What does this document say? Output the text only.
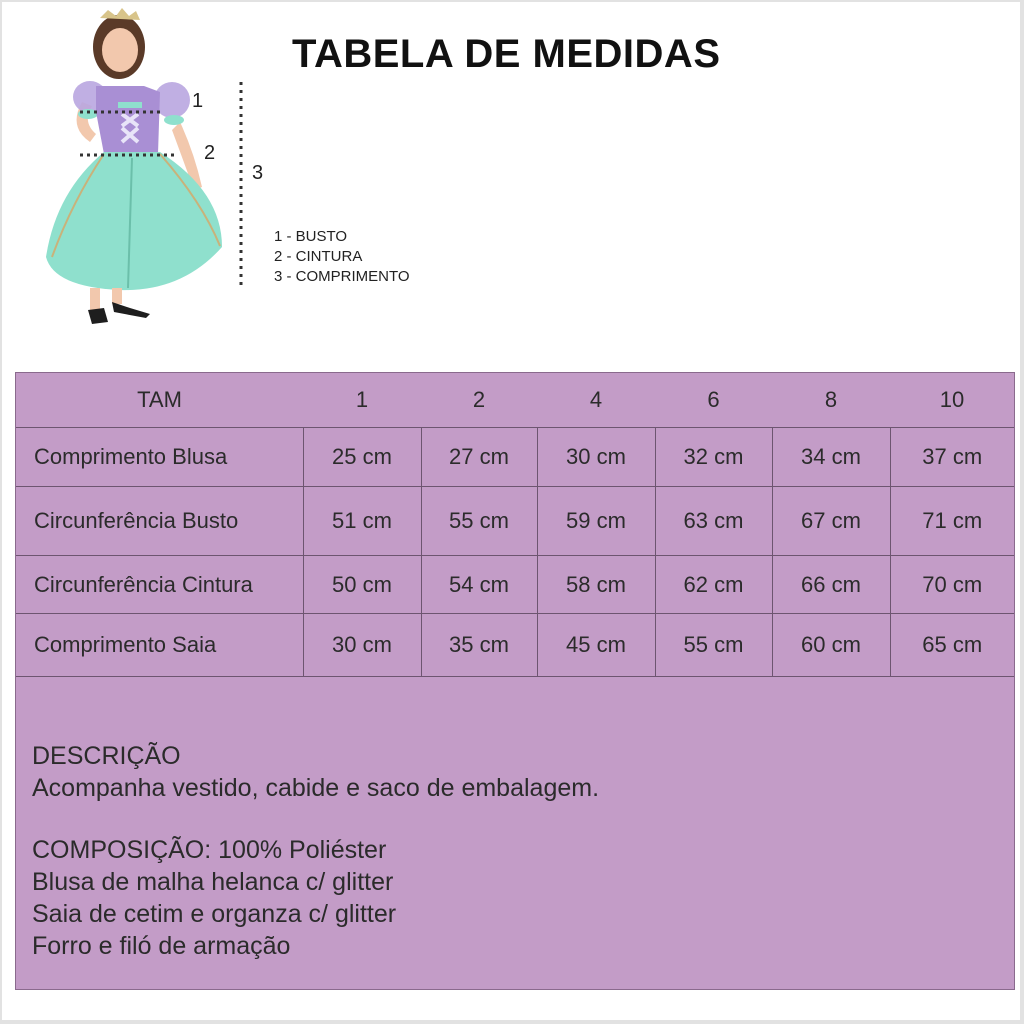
TABELA DE MEDIDAS
1
2
3
1 - BUSTO
2 - CINTURA
3 - COMPRIMENTO
TAM	1	2	4	6	8	10
Comprimento Blusa	25 cm	27 cm	30 cm	32 cm	34 cm	37 cm
Circunferência Busto	51 cm	55 cm	59 cm	63 cm	67 cm	71 cm
Circunferência Cintura	50 cm	54 cm	58 cm	62 cm	66 cm	70 cm
Comprimento Saia	30 cm	35 cm	45 cm	55 cm	60 cm	65 cm
DESCRIÇÃO
Acompanha vestido, cabide e saco de embalagem.
COMPOSIÇÃO: 100% Poliéster
Blusa de malha helanca c/ glitter
Saia de cetim e organza c/ glitter
Forro e filó de armação
